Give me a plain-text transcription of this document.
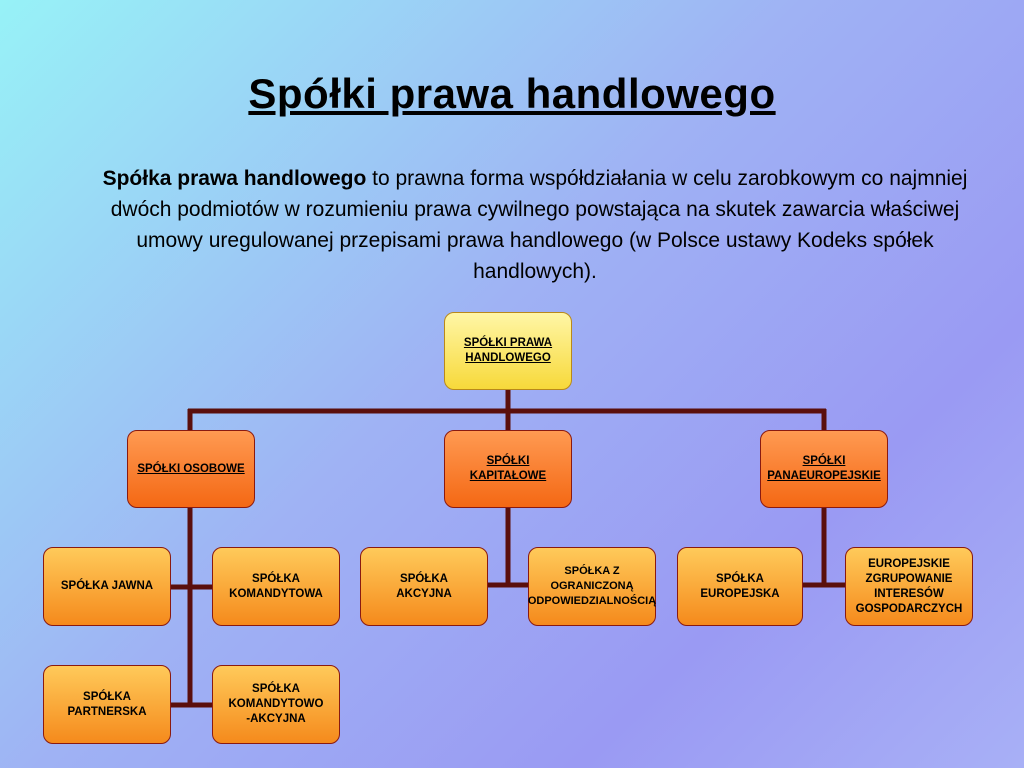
Spółki prawa handlowego
Spółka prawa handlowego to prawna forma współdziałania w celu zarobkowym co najmniej dwóch podmiotów w rozumieniu prawa cywilnego powstająca na skutek zawarcia właściwej umowy uregulowanej przepisami prawa handlowego (w Polsce ustawy Kodeks spółek handlowych).
SPÓŁKI PRAWA
HANDLOWEGO
SPÓŁKI OSOBOWE
SPÓŁKI
KAPITAŁOWE
SPÓŁKI
PANAEUROPEJSKIE
SPÓŁKA JAWNA
SPÓŁKA
KOMANDYTOWA
SPÓŁKA
PARTNERSKA
SPÓŁKA
KOMANDYTOWO
-AKCYJNA
SPÓŁKA
AKCYJNA
SPÓŁKA Z
OGRANICZONĄ
ODPOWIEDZIALNOŚCIĄ
SPÓŁKA
EUROPEJSKA
EUROPEJSKIE
ZGRUPOWANIE
INTERESÓW
GOSPODARCZYCH
